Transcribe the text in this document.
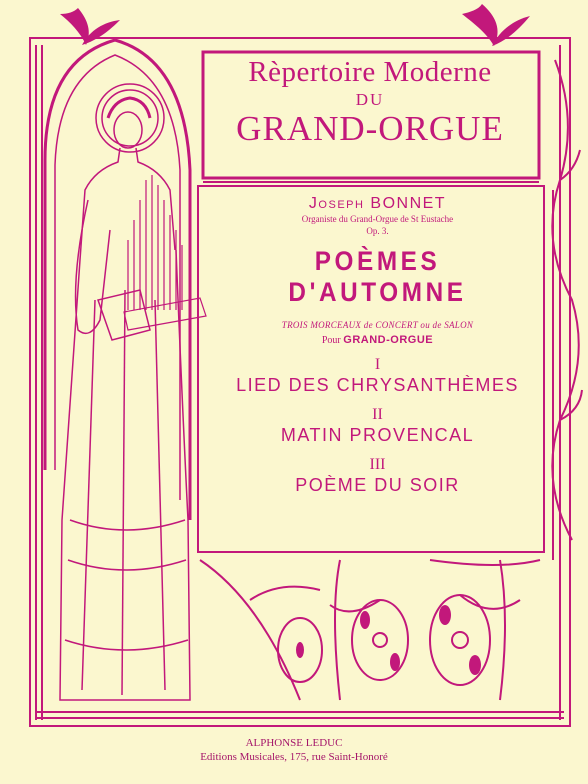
Rèpertoire Moderne
DU
GRAND-ORGUE
Joseph BONNET
Organiste du Grand-Orgue de St Eustache
Op. 3.
POÈMES
D'AUTOMNE
TROIS MORCEAUX de CONCERT ou de SALON
Pour GRAND-ORGUE
I
LIED DES CHRYSANTHÈMES
II
MATIN PROVENCAL
III
POÈME DU SOIR
ALPHONSE LEDUC
Editions Musicales, 175, rue Saint-Honoré
